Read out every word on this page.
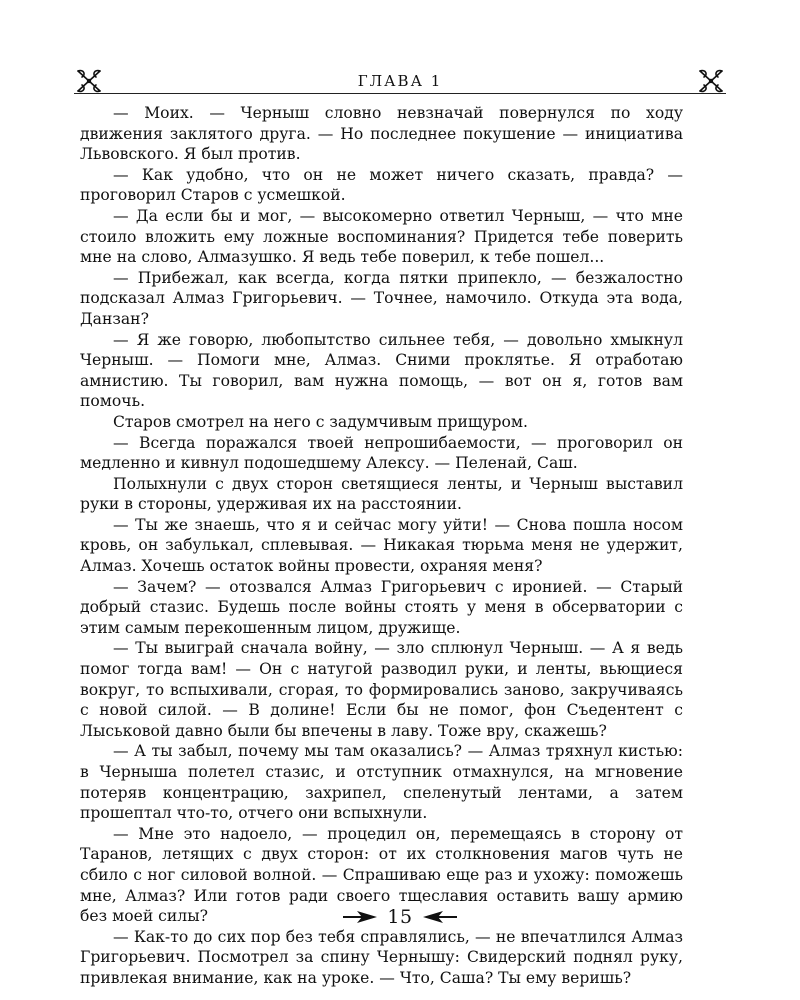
ГЛАВА 1

— Моих. — Черныш словно невзначай повернулся по ходу движения заклятого друга. — Но последнее покушение — инициатива Львовского. Я был против.

— Как удобно, что он не может ничего сказать, правда? — проговорил Старов с усмешкой.

— Да если бы и мог, — высокомерно ответил Черныш, — что мне стоило вложить ему ложные воспоминания? Придется тебе поверить мне на слово, Алмазушко. Я ведь тебе поверил, к тебе пошел...

— Прибежал, как всегда, когда пятки припекло, — безжалостно подсказал Алмаз Григорьевич. — Точнее, намочило. Откуда эта вода, Данзан?

— Я же говорю, любопытство сильнее тебя, — довольно хмыкнул Черныш. — Помоги мне, Алмаз. Сними проклятье. Я отработаю амнистию. Ты говорил, вам нужна помощь, — вот он я, готов вам помочь.

Старов смотрел на него с задумчивым прищуром.

— Всегда поражался твоей непрошибаемости, — проговорил он медленно и кивнул подошедшему Алексу. — Пеленай, Саш.

Полыхнули с двух сторон светящиеся ленты, и Черныш выставил руки в стороны, удерживая их на расстоянии.

— Ты же знаешь, что я и сейчас могу уйти! — Снова пошла носом кровь, он забулькал, сплевывая. — Никакая тюрьма меня не удержит, Алмаз. Хочешь остаток войны провести, охраняя меня?

— Зачем? — отозвался Алмаз Григорьевич с иронией. — Старый добрый стазис. Будешь после войны стоять у меня в обсерватории с этим самым перекошенным лицом, дружище.

— Ты выиграй сначала войну, — зло сплюнул Черныш. — А я ведь помог тогда вам! — Он с натугой разводил руки, и ленты, вьющиеся вокруг, то вспыхивали, сгорая, то формировались заново, закручиваясь с новой силой. — В долине! Если бы не помог, фон Съедентент с Лыськовой давно были бы впечены в лаву. Тоже вру, скажешь?

— А ты забыл, почему мы там оказались? — Алмаз тряхнул кистью: в Черныша полетел стазис, и отступник отмахнулся, на мгновение потеряв концентрацию, захрипел, спеленутый лентами, а затем прошептал что-то, отчего они вспыхнули.

— Мне это надоело, — процедил он, перемещаясь в сторону от Таранов, летящих с двух сторон: от их столкновения магов чуть не сбило с ног силовой волной. — Спрашиваю еще раз и ухожу: поможешь мне, Алмаз? Или готов ради своего тщеславия оставить вашу армию без моей силы?

— Как-то до сих пор без тебя справлялись, — не впечатлился Алмаз Григорьевич. Посмотрел за спину Чернышу: Свидерский поднял руку, привлекая внимание, как на уроке. — Что, Саша? Ты ему веришь?

15
